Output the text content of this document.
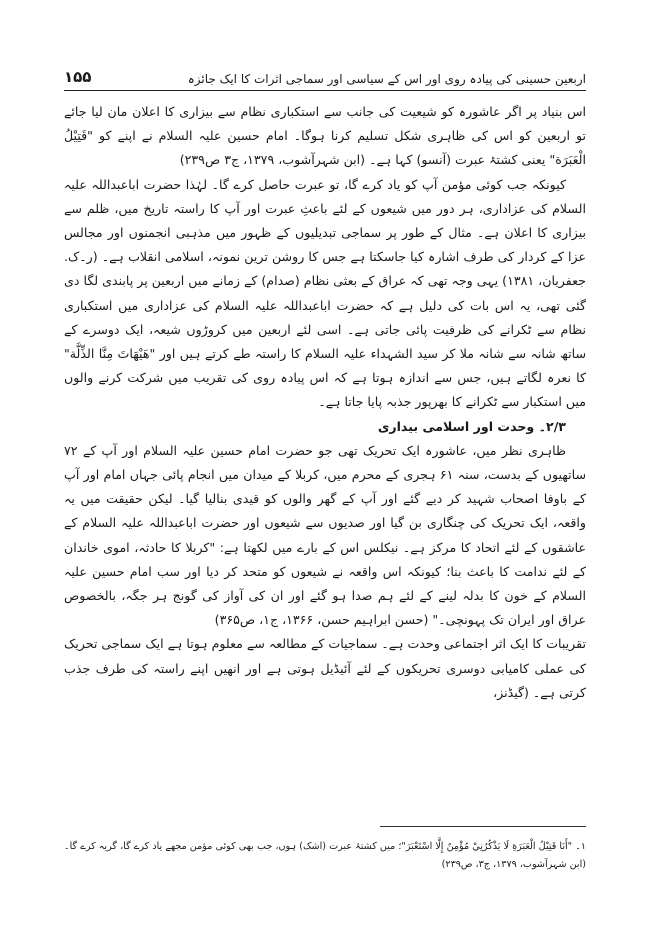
۱۵۵	اربعین حسینی کی پیادہ روی اور اس کے سیاسی اور سماجی اثرات کا ایک جائزہ

اس بنیاد پر اگر عاشورہ کو شیعیت کی جانب سے استکباری نظام سے بیزاری کا اعلان مان لیا جائے تو اربعین کو اس کی ظاہری شکل تسلیم کرنا ہوگا۔ امام حسین علیہ السلام نے اپنے کو "قَتِيْلُ الْعَبَرَة" یعنی کشتۂ عبرت (آنسو) کہا ہے۔ (ابن شہرآشوب، ۱۳۷۹، ج۳ ص۲۳۹)

کیونکہ جب کوئی مؤمن آپ کو یاد کرے گا، تو عبرت حاصل کرے گا۔ لہٰذا حضرت اباعبداللہ علیہ السلام کی عزاداری، ہر دور میں شیعوں کے لئے باعثِ عبرت اور آپ کا راستہ تاریخ میں، ظلم سے بیزاری کا اعلان ہے۔ مثال کے طور پر سماجی تبدیلیوں کے ظہور میں مذہبی انجمنوں اور مجالس عزا کے کردار کی طرف اشارہ کیا جاسکتا ہے جس کا روشن ترین نمونہ، اسلامی انقلاب ہے۔ (ر۔ک. جعفریان، ۱۳۸۱) یہی وجہ تھی کہ عراق کے بعثی نظام (صدام) کے زمانے میں اربعین پر پابندی لگا دی گئی تھی، یہ اس بات کی دلیل ہے کہ حضرت اباعبداللہ علیہ السلام کی عزاداری میں استکباری نظام سے ٹکرانے کی ظرفیت پائی جاتی ہے۔ اسی لئے اربعین میں کروڑوں شیعہ، ایک دوسرے کے ساتھ شانہ سے شانہ ملا کر سید الشہداء علیہ السلام کا راستہ طے کرتے ہیں اور "هَيْهَاتَ مِنَّا الذِّلَّة" کا نعرہ لگاتے ہیں، جس سے اندازہ ہوتا ہے کہ اس پیادہ روی کی تقریب میں شرکت کرنے والوں میں استکبار سے ٹکرانے کا بھرپور جذبہ پایا جاتا ہے۔

۲/۳۔ وحدت اور اسلامی بیداری

ظاہری نظر میں، عاشورہ ایک تحریک تھی جو حضرت امام حسین علیہ السلام اور آپ کے ۷۲ ساتھیوں کے بدست، سنہ ۶۱ ہجری کے محرم میں، کربلا کے میدان میں انجام پائی جہاں امام اور آپ کے باوفا اصحاب شہید کر دیے گئے اور آپ کے گھر والوں کو قیدی بنالیا گیا۔ لیکن حقیقت میں یہ واقعہ، ایک تحریک کی چنگاری بن گیا اور صدیوں سے شیعوں اور حضرت اباعبداللہ علیہ السلام کے عاشقوں کے لئے اتحاد کا مرکز ہے۔ نیکلس اس کے بارے میں لکھتا ہے: "کربلا کا حادثہ، اموی خاندان کے لئے ندامت کا باعث بنا؛ کیونکہ اس واقعہ نے شیعوں کو متحد کر دیا اور سب امام حسین علیہ السلام کے خون کا بدلہ لینے کے لئے ہم صدا ہو گئے اور ان کی آواز کی گونج ہر جگہ، بالخصوص عراق اور ایران تک پہونچی۔" (حسن ابراہیم حسن، ۱۳۶۶، ج۱، ص۳۶۵)

تقریبات کا ایک اثر اجتماعی وحدت ہے۔ سماجیات کے مطالعہ سے معلوم ہوتا ہے ایک سماجی تحریک کی عملی کامیابی دوسری تحریکوں کے لئے آئیڈیل ہوتی ہے اور انھیں اپنے راستہ کی طرف جذب کرتی ہے۔ (گیڈنز،

۱۔ "أَنَا قَتِيْلُ الْعَبَرَةِ لَا يَذْكُرُنِيْ مُؤْمِنٌ إِلَّا اسْتَعْبَرَ"؛ میں کشتۂ عبرت (اشک) ہوں، جب بھی کوئی مؤمن مجھے یاد کرے گا، گریہ کرے گا۔ (ابن شہرآشوب، ۱۳۷۹، ج۳، ص۲۳۹)
